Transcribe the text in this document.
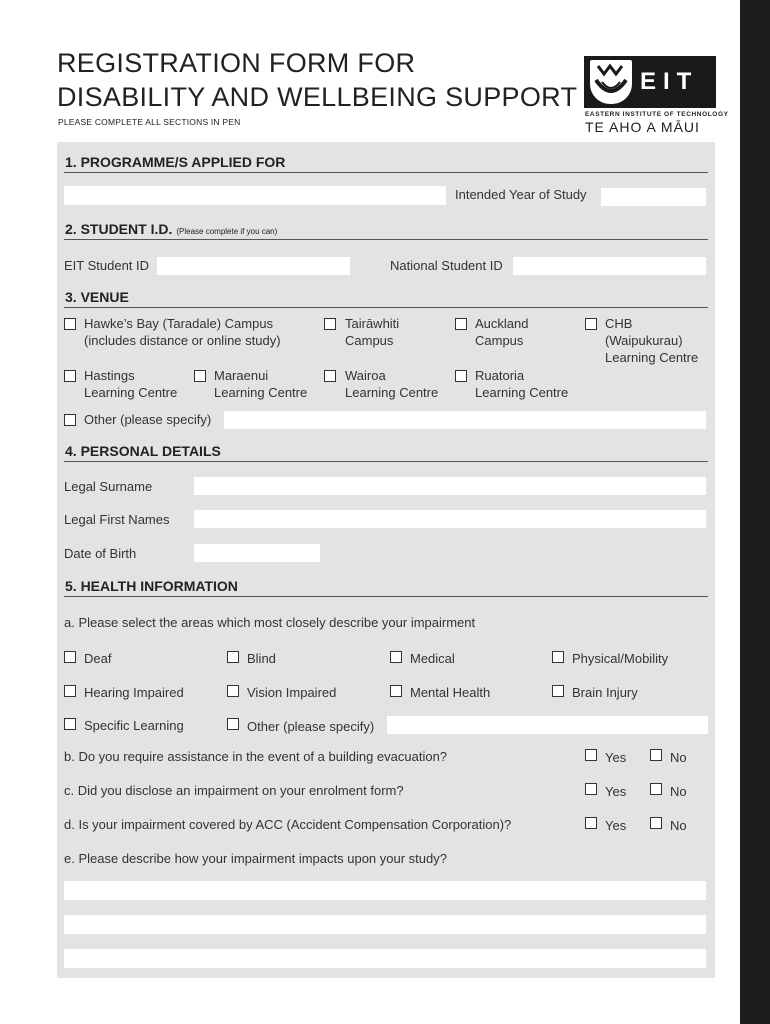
REGISTRATION FORM FOR
DISABILITY AND WELLBEING SUPPORT
PLEASE COMPLETE ALL SECTIONS IN PEN
EIT
EASTERN INSTITUTE OF TECHNOLOGY
TE AHO A MĀUI
1. PROGRAMME/S APPLIED FOR
Intended Year of Study
2. STUDENT I.D. (Please complete if you can)
EIT Student ID	National Student ID
3. VENUE
Hawke’s Bay (Taradale) Campus
(includes distance or online study)
Tairāwhiti
Campus
Auckland
Campus
CHB
(Waipukurau)
Learning Centre
Hastings
Learning Centre
Maraenui
Learning Centre
Wairoa
Learning Centre
Ruatoria
Learning Centre
Other (please specify)
4. PERSONAL DETAILS
Legal Surname
Legal First Names
Date of Birth
5. HEALTH INFORMATION
a. Please select the areas which most closely describe your impairment
Deaf	Blind	Medical	Physical/Mobility
Hearing Impaired	Vision Impaired	Mental Health	Brain Injury
Specific Learning	Other (please specify)
b. Do you require assistance in the event of a building evacuation?	Yes	No
c. Did you disclose an impairment on your enrolment form?	Yes	No
d. Is your impairment covered by ACC (Accident Compensation Corporation)?	Yes	No
e. Please describe how your impairment impacts upon your study?
